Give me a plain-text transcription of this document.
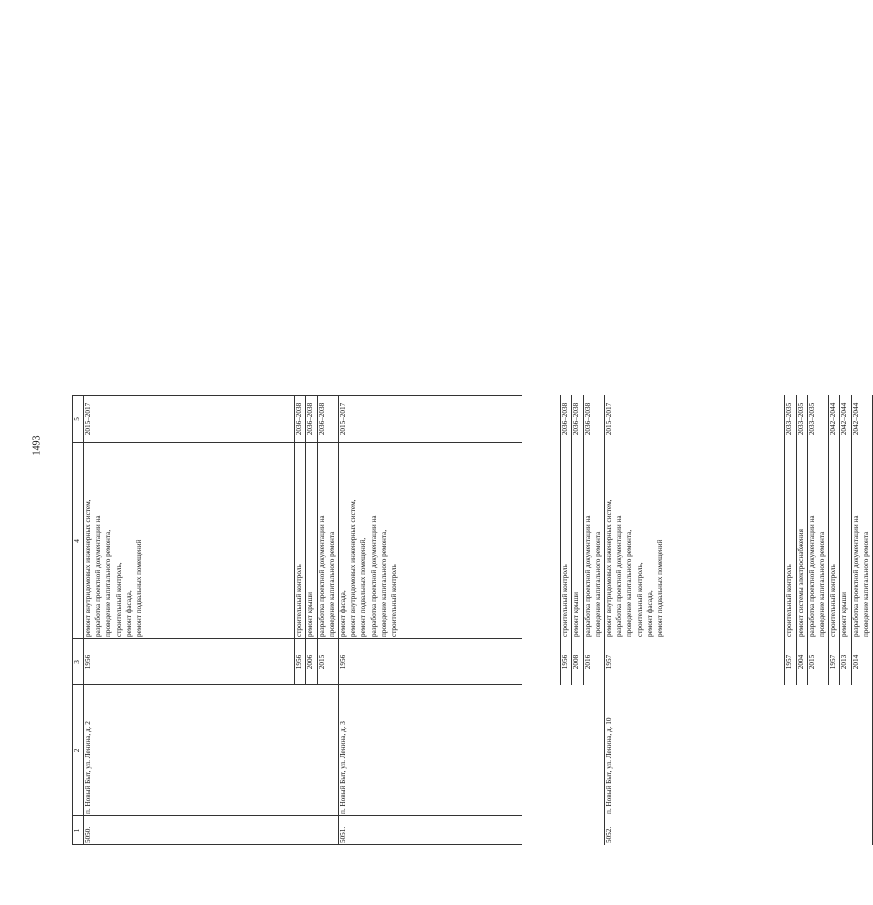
1493
1
2
3
4
5
5050.
п. Новый Быт, ул. Ленина, д. 2
1956
ремонт внутридомовых инженерных систем, разработка проектной документации на проведение капитального ремонта, строительный контроль, ремонт фасада, ремонт подвальных помещений
2015–2017
1956
строительный контроль
2036–2038
2006
ремонт крыши
2036–2038
2015
разработка проектной документации на проведение капитального ремонта
2036–2038
5051.
п. Новый Быт, ул. Ленина, д. 3
1956
ремонт фасада, ремонт внутридомовых инженерных систем, ремонт подвальных помещений, разработка проектной документации на проведение капитального ремонта, строительный контроль
2015–2017
1956
строительный контроль
2036–2038
2008
ремонт крыши
2036–2038
2016
разработка проектной документации на проведение капитального ремонта
2036–2038
5052.
п. Новый Быт, ул. Ленина, д. 10
1957
ремонт внутридомовых инженерных систем, разработка проектной документации на проведение капитального ремонта, строительный контроль, ремонт фасада, ремонт подвальных помещений
2015–2017
1957
строительный контроль
2033–2035
2004
ремонт системы электроснабжения
2033–2035
2015
разработка проектной документации на проведение капитального ремонта
2033–2035
1957
строительный контроль
2042–2044
2013
ремонт крыши
2042–2044
2014
разработка проектной документации на проведение капитального ремонта
2042–2044
